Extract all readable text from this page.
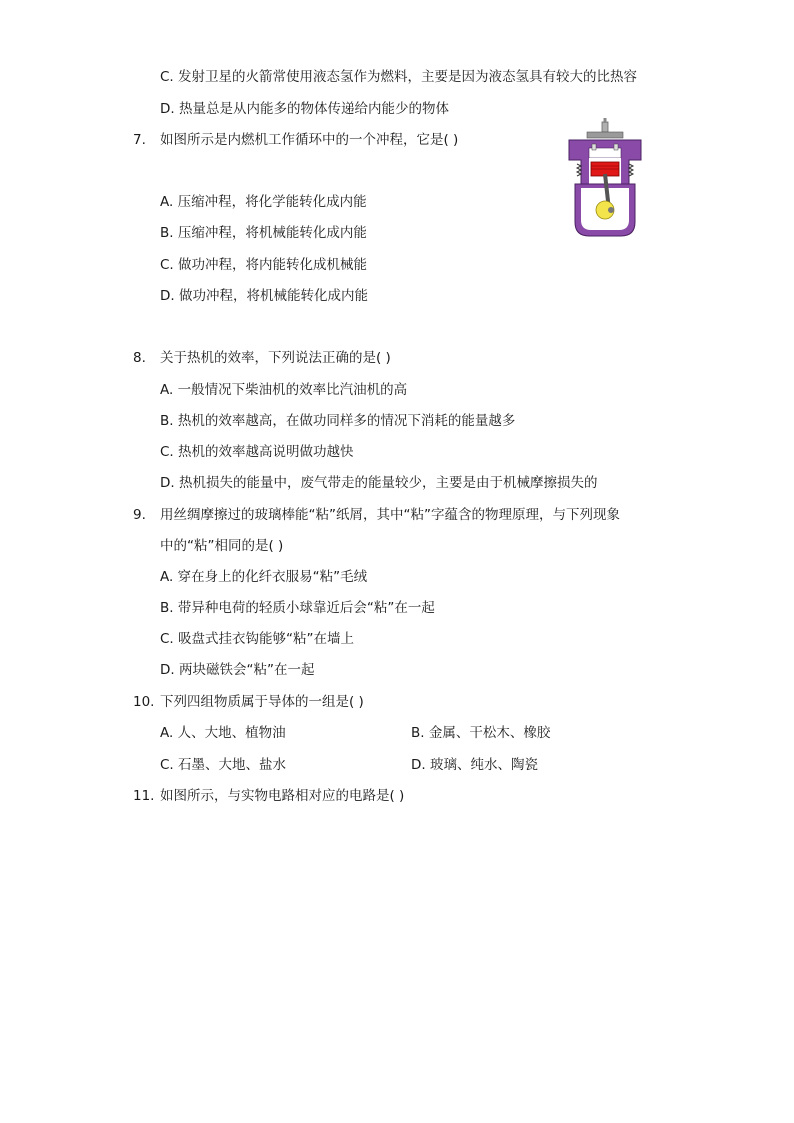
C. 发射卫星的火箭常使用液态氢作为燃料，主要是因为液态氢具有较大的比热容
D. 热量总是从内能多的物体传递给内能少的物体
7. 如图所示是内燃机工作循环中的一个冲程，它是( )
A. 压缩冲程，将化学能转化成内能
B. 压缩冲程，将机械能转化成内能
C. 做功冲程，将内能转化成机械能
D. 做功冲程，将机械能转化成内能
8. 关于热机的效率，下列说法正确的是( )
A. 一般情况下柴油机的效率比汽油机的高
B. 热机的效率越高，在做功同样多的情况下消耗的能量越多
C. 热机的效率越高说明做功越快
D. 热机损失的能量中，废气带走的能量较少，主要是由于机械摩擦损失的
9. 用丝绸摩擦过的玻璃棒能“粘”纸屑，其中“粘”字蕴含的物理原理，与下列现象
中的“粘”相同的是( )
A. 穿在身上的化纤衣服易“粘”毛绒
B. 带异种电荷的轻质小球靠近后会“粘”在一起
C. 吸盘式挂衣钩能够“粘”在墙上
D. 两块磁铁会“粘”在一起
10. 下列四组物质属于导体的一组是( )
A. 人、大地、植物油	B. 金属、干松木、橡胶
C. 石墨、大地、盐水	D. 玻璃、纯水、陶瓷
11. 如图所示，与实物电路相对应的电路是( )
